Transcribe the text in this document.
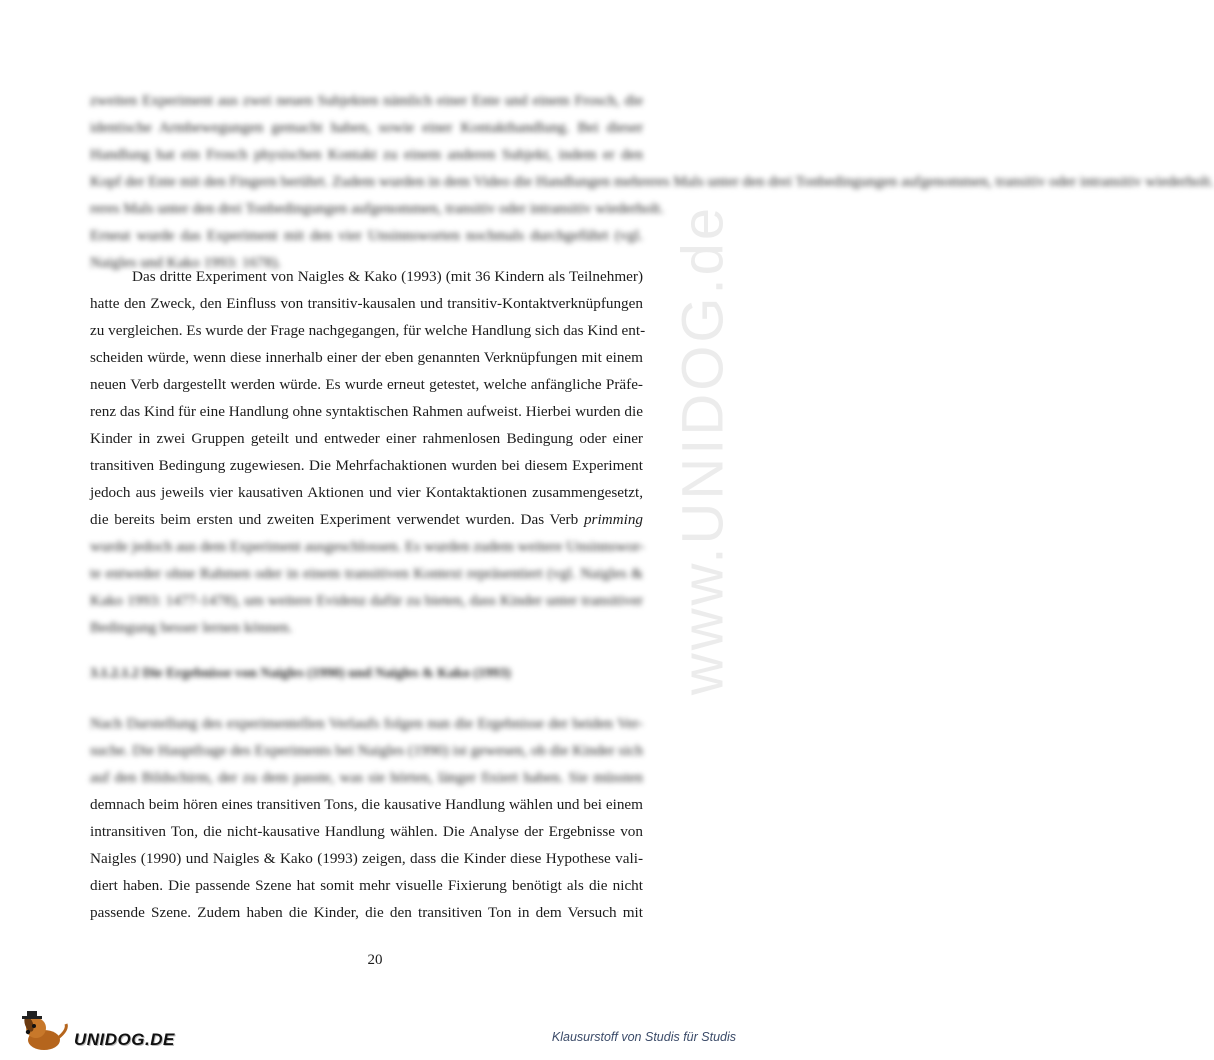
www.UNIDOG.de
zweiten Experiment aus zwei neuen Subjekten nämlich einer Ente und einem Frosch, die
identische Armbewegungen gemacht haben, sowie einer Kontakthandlung. Bei dieser
Handlung hat ein Frosch physischen Kontakt zu einem anderen Subjekt, indem er den
Kopf der Ente mit den Fingern berührt. Zudem wurden in dem Video die Handlungen mehreres Mals unter den drei Tonbedingungen aufgenommen, transitiv oder intransitiv wiederholt.
reres Mals unter den drei Tonbedingungen aufgenommen, transitiv oder intransitiv wiederholt.
Erneut wurde das Experiment mit den vier Unsinnsworten nochmals durchgeführt (vgl.
Naigles und Kako 1993: 1678).
Das dritte Experiment von Naigles & Kako (1993) (mit 36 Kindern als Teilnehmer)
hatte den Zweck, den Einfluss von transitiv-kausalen und transitiv-Kontaktverknüpfungen
zu vergleichen. Es wurde der Frage nachgegangen, für welche Handlung sich das Kind ent-
scheiden würde, wenn diese innerhalb einer der eben genannten Verknüpfungen mit einem
neuen Verb dargestellt werden würde. Es wurde erneut getestet, welche anfängliche Präfe-
renz das Kind für eine Handlung ohne syntaktischen Rahmen aufweist. Hierbei wurden die
Kinder in zwei Gruppen geteilt und entweder einer rahmenlosen Bedingung oder einer
transitiven Bedingung zugewiesen. Die Mehrfachaktionen wurden bei diesem Experiment
jedoch aus jeweils vier kausativen Aktionen und vier Kontaktaktionen zusammengesetzt,
die bereits beim ersten und zweiten Experiment verwendet wurden. Das Verb primming
wurde jedoch aus dem Experiment ausgeschlossen. Es wurden zudem weitere Unsinnswor-
te entweder ohne Rahmen oder in einem transitiven Kontext repräsentiert (vgl. Naigles &
Kako 1993: 1477-1478), um weitere Evidenz dafür zu bieten, dass Kinder unter transitiver
Bedingung besser lernen können.
3.1.2.1.2 Die Ergebnisse von Naigles (1990) und Naigles & Kako (1993)
Nach Darstellung des experimentellen Verlaufs folgen nun die Ergebnisse der beiden Ver-
suche. Die Hauptfrage des Experiments bei Naigles (1990) ist gewesen, ob die Kinder sich
auf den Bildschirm, der zu dem passte, was sie hörten, länger fixiert haben. Sie müssten
demnach beim hören eines transitiven Tons, die kausative Handlung wählen und bei einem
intransitiven Ton, die nicht-kausative Handlung wählen. Die Analyse der Ergebnisse von
Naigles (1990) und Naigles & Kako (1993) zeigen, dass die Kinder diese Hypothese vali-
diert haben. Die passende Szene hat somit mehr visuelle Fixierung benötigt als die nicht
passende Szene. Zudem haben die Kinder, die den transitiven Ton in dem Versuch mit
20
UNIDOG.DE	Klausurstoff von Studis für Studis
